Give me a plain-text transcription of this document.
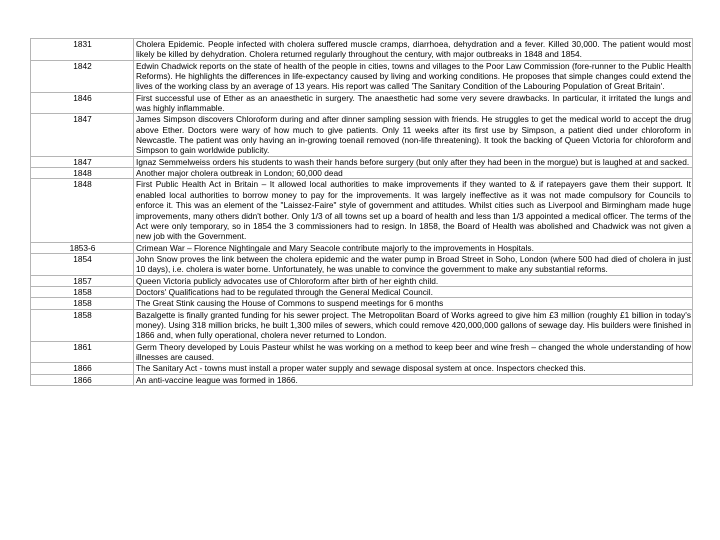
1831	Cholera Epidemic. People infected with cholera suffered muscle cramps, diarrhoea, dehydration and a fever. Killed 30,000. The patient would most likely be killed by dehydration. Cholera returned regularly throughout the century, with major outbreaks in 1848 and 1854.
1842	Edwin Chadwick reports on the state of health of the people in cities, towns and villages to the Poor Law Commission (fore-runner to the Public Health Reforms). He highlights the differences in life-expectancy caused by living and working conditions. He proposes that simple changes could extend the lives of the working class by an average of 13 years. His report was called 'The Sanitary Condition of the Labouring Population of Great Britain'.
1846	First successful use of Ether as an anaesthetic in surgery. The anaesthetic had some very severe drawbacks. In particular, it irritated the lungs and was highly inflammable.
1847	James Simpson discovers Chloroform during and after dinner sampling session with friends. He struggles to get the medical world to accept the drug above Ether. Doctors were wary of how much to give patients. Only 11 weeks after its first use by Simpson, a patient died under chloroform in Newcastle. The patient was only having an in-growing toenail removed (non-life threatening). It took the backing of Queen Victoria for chloroform and Simpson to gain worldwide publicity.
1847	Ignaz Semmelweiss orders his students to wash their hands before surgery (but only after they had been in the morgue) but is laughed at and sacked.
1848	Another major cholera outbreak in London; 60,000 dead
1848	First Public Health Act in Britain – It allowed local authorities to make improvements if they wanted to & if ratepayers gave them their support. It enabled local authorities to borrow money to pay for the improvements. It was largely ineffective as it was not made compulsory for Councils to enforce it. This was an element of the "Laissez-Faire" style of government and attitudes. Whilst cities such as Liverpool and Birmingham made huge improvements, many others didn't bother. Only 1/3 of all towns set up a board of health and less than 1/3 appointed a medical officer. The terms of the Act were only temporary, so in 1854 the 3 commissioners had to resign. In 1858, the Board of Health was abolished and Chadwick was not given a new job with the Government.
1853-6	Crimean War – Florence Nightingale and Mary Seacole contribute majorly to the improvements in Hospitals.
1854	John Snow proves the link between the cholera epidemic and the water pump in Broad Street in Soho, London (where 500 had died of cholera in just 10 days), i.e. cholera is water borne. Unfortunately, he was unable to convince the government to make any substantial reforms.
1857	Queen Victoria publicly advocates use of Chloroform after birth of her eighth child.
1858	Doctors' Qualifications had to be regulated through the General Medical Council.
1858	The Great Stink causing the House of Commons to suspend meetings for 6 months
1858	Bazalgette is finally granted funding for his sewer project. The Metropolitan Board of Works agreed to give him £3 million (roughly £1 billion in today's money). Using 318 million bricks, he built 1,300 miles of sewers, which could remove 420,000,000 gallons of sewage day. His builders were finished in 1866 and, when fully operational, cholera never returned to London.
1861	Germ Theory developed by Louis Pasteur whilst he was working on a method to keep beer and wine fresh – changed the whole understanding of how illnesses are caused.
1866	The Sanitary Act - towns must install a proper water supply and sewage disposal system at once. Inspectors checked this.
1866	An anti-vaccine league was formed in 1866.
